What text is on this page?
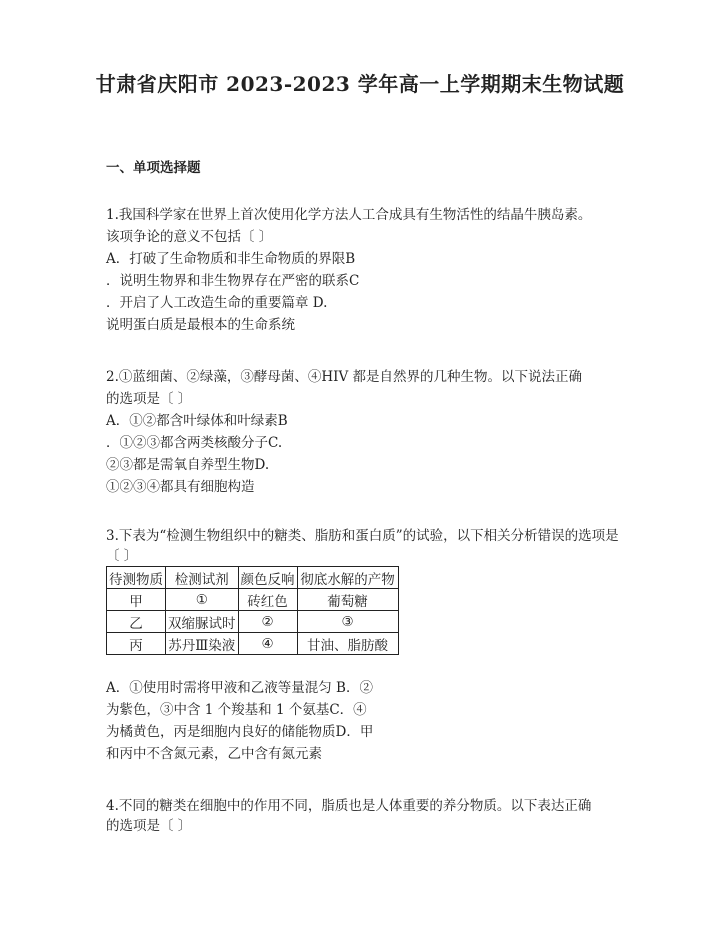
甘肃省庆阳市 2023-2023 学年高一上学期期末生物试题
一、单项选择题
1.我国科学家在世界上首次使用化学方法人工合成具有生物活性的结晶牛胰岛素。
该项争论的意义不包括〔 〕
A．打破了生命物质和非生命物质的界限B
．说明生物界和非生物界存在严密的联系C
．开启了人工改造生命的重要篇章 D.
说明蛋白质是最根本的生命系统
2.①蓝细菌、②绿藻，③酵母菌、④HIV 都是自然界的几种生物。以下说法正确
的选项是〔 〕
A．①②都含叶绿体和叶绿素B
．①②③都含两类核酸分子C.
②③都是需氧自养型生物D.
①②③④都具有细胞构造
3.下表为“检测生物组织中的糖类、脂肪和蛋白质”的试验，以下相关分析错误的选项是
〔 〕
待测物质	检测试剂	颜色反响	彻底水解的产物
甲	①	砖红色	葡萄糖
乙	双缩脲试时	②	③
丙	苏丹Ⅲ染液	④	甘油、脂肪酸
A．①使用时需将甲液和乙液等量混匀 B．②
为紫色，③中含 1 个羧基和 1 个氨基C．④
为橘黄色，丙是细胞内良好的储能物质D．甲
和丙中不含氮元素，乙中含有氮元素
4.不同的糖类在细胞中的作用不同，脂质也是人体重要的养分物质。以下表达正确
的选项是〔 〕
